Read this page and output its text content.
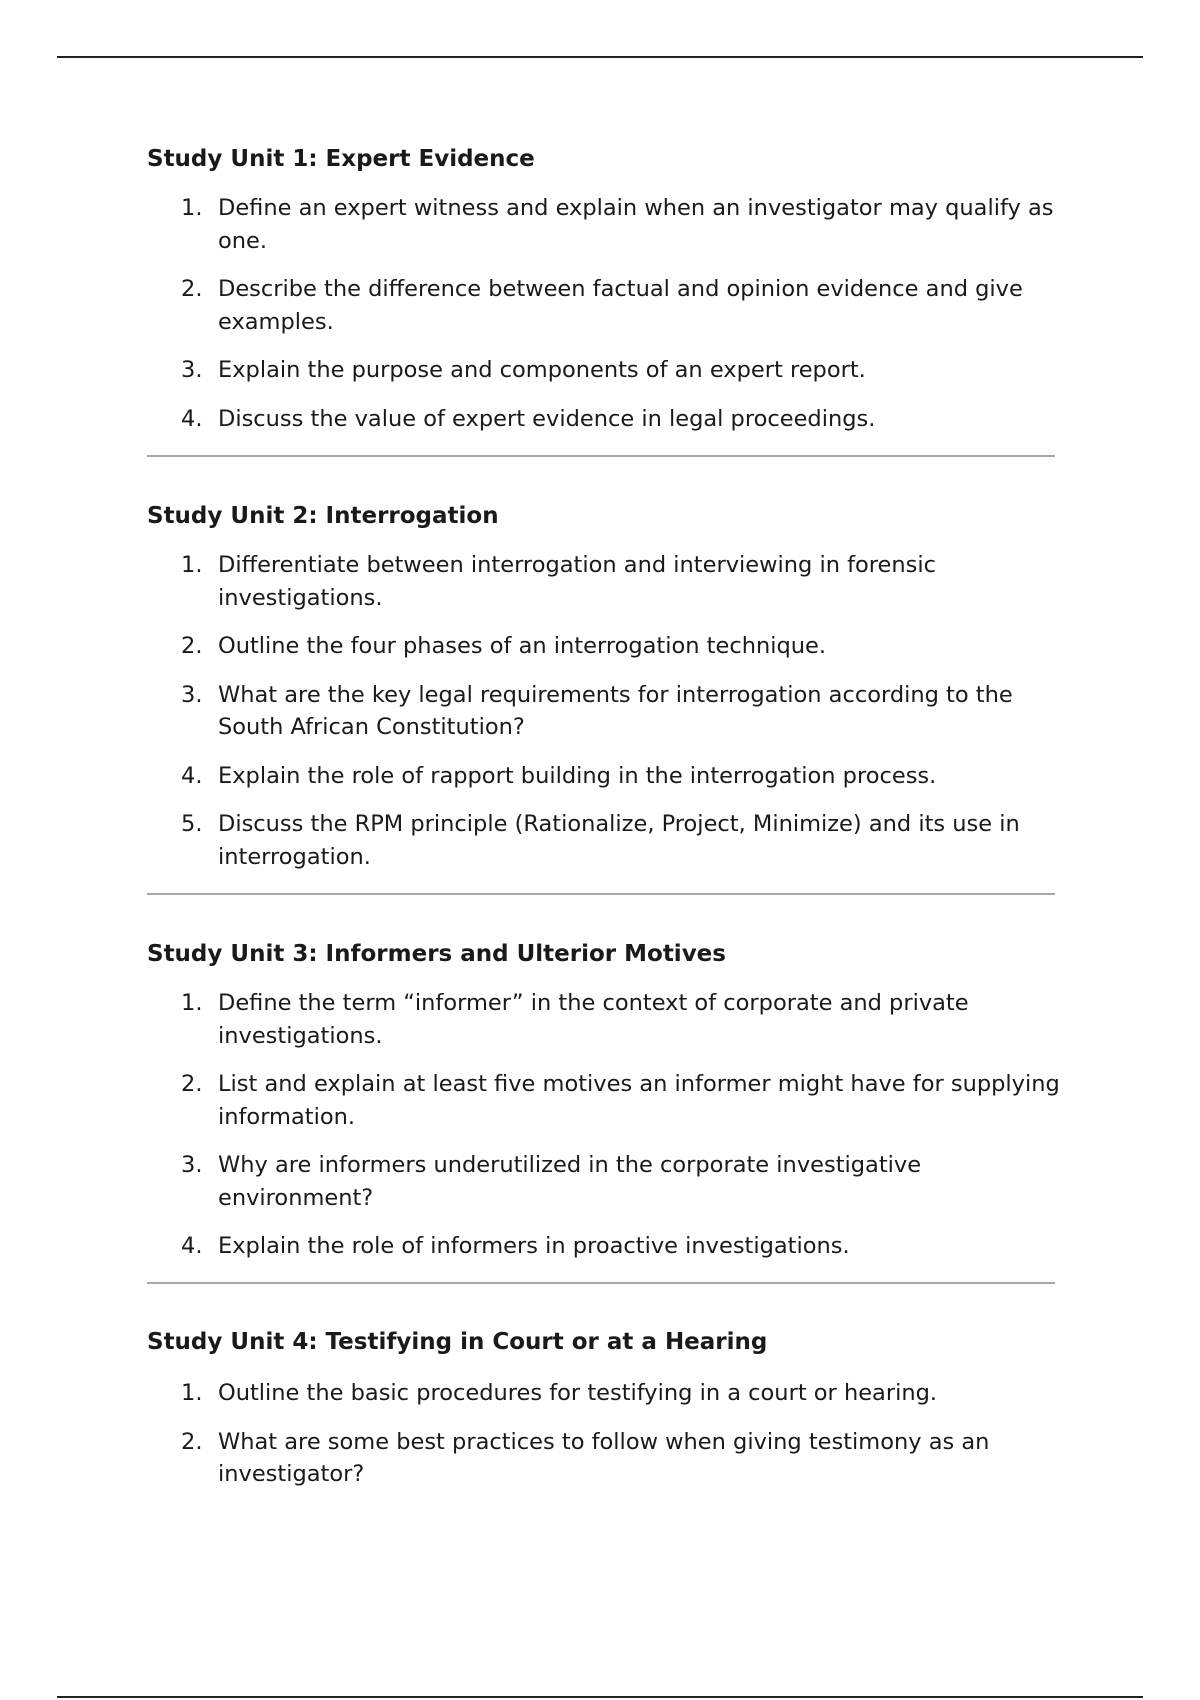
Study Unit 1: Expert Evidence
1. Define an expert witness and explain when an investigator may qualify as one.
2. Describe the difference between factual and opinion evidence and give examples.
3. Explain the purpose and components of an expert report.
4. Discuss the value of expert evidence in legal proceedings.
Study Unit 2: Interrogation
1. Differentiate between interrogation and interviewing in forensic investigations.
2. Outline the four phases of an interrogation technique.
3. What are the key legal requirements for interrogation according to the South African Constitution?
4. Explain the role of rapport building in the interrogation process.
5. Discuss the RPM principle (Rationalize, Project, Minimize) and its use in interrogation.
Study Unit 3: Informers and Ulterior Motives
1. Define the term “informer” in the context of corporate and private investigations.
2. List and explain at least five motives an informer might have for supplying information.
3. Why are informers underutilized in the corporate investigative environment?
4. Explain the role of informers in proactive investigations.
Study Unit 4: Testifying in Court or at a Hearing
1. Outline the basic procedures for testifying in a court or hearing.
2. What are some best practices to follow when giving testimony as an investigator?
